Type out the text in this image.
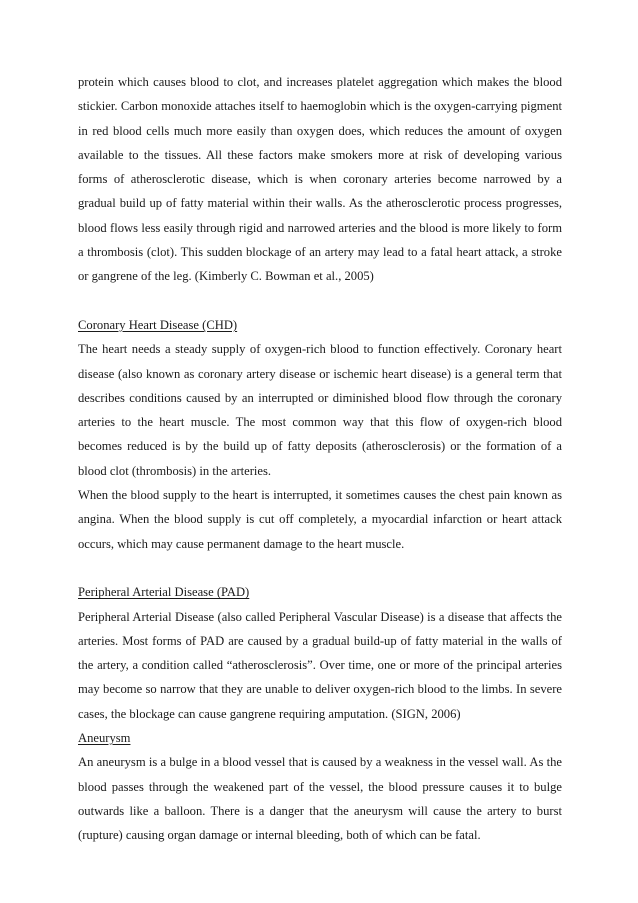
protein which causes blood to clot, and increases platelet aggregation which makes the blood stickier. Carbon monoxide attaches itself to haemoglobin which is the oxygen-carrying pigment in red blood cells much more easily than oxygen does, which reduces the amount of oxygen available to the tissues. All these factors make smokers more at risk of developing various forms of atherosclerotic disease, which is when coronary arteries become narrowed by a gradual build up of fatty material within their walls. As the atherosclerotic process progresses, blood flows less easily through rigid and narrowed arteries and the blood is more likely to form a thrombosis (clot). This sudden blockage of an artery may lead to a fatal heart attack, a stroke or gangrene of the leg. (Kimberly C. Bowman et al., 2005)

Coronary Heart Disease (CHD)

The heart needs a steady supply of oxygen-rich blood to function effectively. Coronary heart disease (also known as coronary artery disease or ischemic heart disease) is a general term that describes conditions caused by an interrupted or diminished blood flow through the coronary arteries to the heart muscle. The most common way that this flow of oxygen-rich blood becomes reduced is by the build up of fatty deposits (atherosclerosis) or the formation of a blood clot (thrombosis) in the arteries.

When the blood supply to the heart is interrupted, it sometimes causes the chest pain known as angina. When the blood supply is cut off completely, a myocardial infarction or heart attack occurs, which may cause permanent damage to the heart muscle.

Peripheral Arterial Disease (PAD)

Peripheral Arterial Disease (also called Peripheral Vascular Disease) is a disease that affects the arteries. Most forms of PAD are caused by a gradual build-up of fatty material in the walls of the artery, a condition called “atherosclerosis”. Over time, one or more of the principal arteries may become so narrow that they are unable to deliver oxygen-rich blood to the limbs. In severe cases, the blockage can cause gangrene requiring amputation. (SIGN, 2006)

Aneurysm

An aneurysm is a bulge in a blood vessel that is caused by a weakness in the vessel wall. As the blood passes through the weakened part of the vessel, the blood pressure causes it to bulge outwards like a balloon. There is a danger that the aneurysm will cause the artery to burst (rupture) causing organ damage or internal bleeding, both of which can be fatal.
